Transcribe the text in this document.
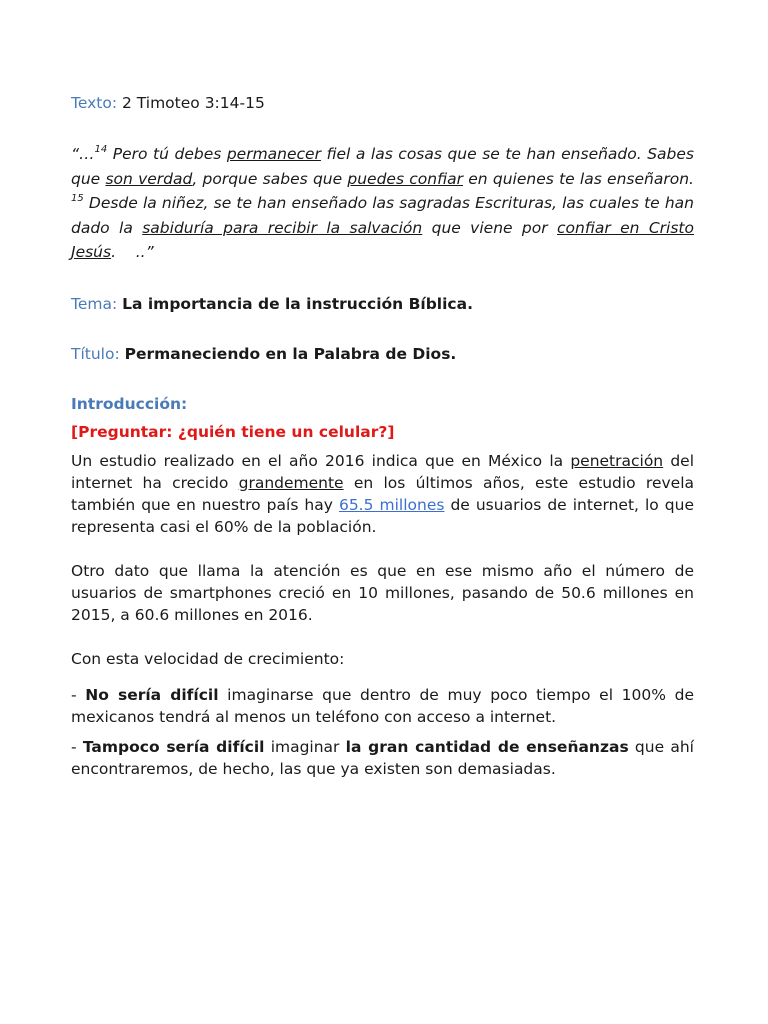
Texto: 2 Timoteo 3:14-15

“…$^{14}$ Pero tú debes permanecer fiel a las cosas que se te han enseñado. Sabes que son verdad, porque sabes que puedes confiar en quienes te las enseñaron. $^{15}$ Desde la niñez, se te han enseñado las sagradas Escrituras, las cuales te han dado la sabiduría para recibir la salvación que viene por confiar en Cristo Jesús.    ..”

Tema: La importancia de la instrucción Bíblica.

Título: Permaneciendo en la Palabra de Dios.

Introducción:

[Preguntar: ¿quién tiene un celular?]

Un estudio realizado en el año 2016 indica que en México la penetración del internet ha crecido grandemente en los últimos años, este estudio revela también que en nuestro país hay 65.5 millones de usuarios de internet, lo que representa casi el 60% de la población.

Otro dato que llama la atención es que en ese mismo año el número de usuarios de smartphones creció en 10 millones, pasando de 50.6 millones en 2015, a 60.6 millones en 2016.

Con esta velocidad de crecimiento:

- No sería difícil imaginarse que dentro de muy poco tiempo el 100% de mexicanos tendrá al menos un teléfono con acceso a internet.

- Tampoco sería difícil imaginar la gran cantidad de enseñanzas que ahí encontraremos, de hecho, las que ya existen son demasiadas.
